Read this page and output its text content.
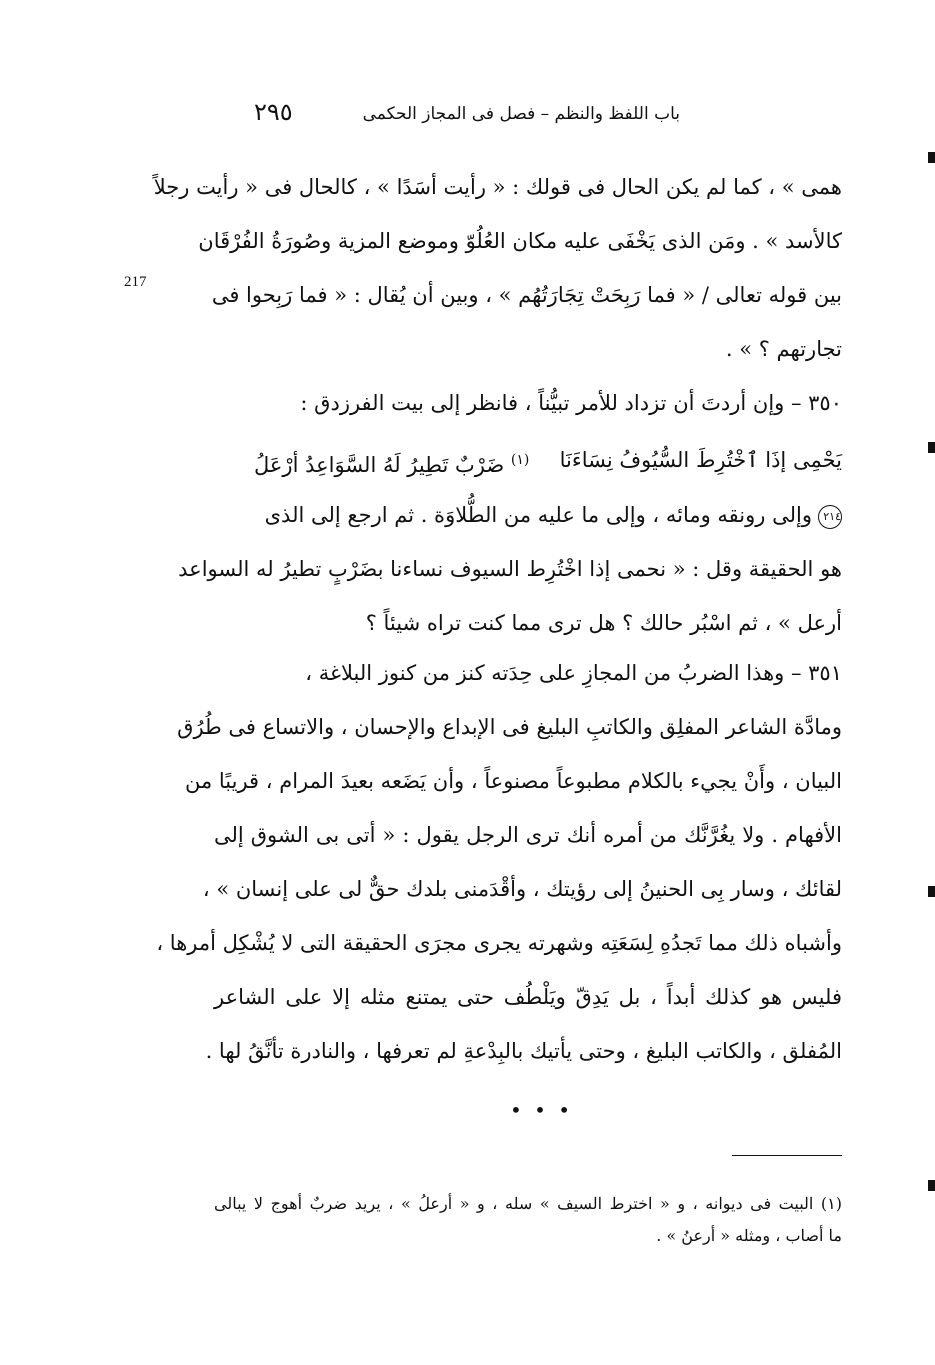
٢٩٥	باب اللفظ والنظم – فصل فى المجاز الحكمى
217
همى » ، كما لم يكن الحال فى قولك : « رأيت أسَدًا » ، كالحال فى « رأيت رجلاً
كالأسد » . ومَن الذى يَخْفَى عليه مكان العُلُوّ وموضع المزية وصُورَةُ الفُرْقَان
بين قوله تعالى / « فما رَبِحَتْ تِجَارَتُهُم » ، وبين أن يُقال : « فما رَبِحوا فى
تجارتهم ؟ » .
٣٥٠ – وإن أردتَ أن تزداد للأمر تبيُّناً ، فانظر إلى بيت الفرزدق :
يَحْمِى إذَا ٱخْتُرِطَ السُّيُوفُ نِسَاءَنَا
$^{(١)}$ ضَرْبٌ تَطِيرُ لَهُ السَّوَاعِدُ أرْعَلُ
٢١٤وإلى رونقه ومائه ، وإلى ما عليه من الطُّلاوَة . ثم ارجع إلى الذى
هو الحقيقة وقل : « نحمى إذا اخْتُرِط السيوف نساءنا بضَرْبٍ تطيرُ له السواعد
أرعل » ، ثم اسْبُر حالك ؟ هل ترى مما كنت تراه شيئاً ؟
٣٥١ – وهذا الضربُ من المجازِ على حِدَته كنز من كنوز البلاغة ،
ومادَّة الشاعر المفلِق والكاتبِ البليغ فى الإبداع والإحسان ، والاتساع فى طُرُق
البيان ، وأَنْ يجيء بالكلام مطبوعاً مصنوعاً ، وأن يَضَعه بعيدَ المرام ، قريبًا من
الأفهام . ولا يغُرَّنَّك من أمره أنك ترى الرجل يقول : « أتى بى الشوق إلى
لقائك ، وسار بِى الحنينُ إلى رؤيتك ، وأقْدَمنى بلدك حقٌّ لى على إنسان » ،
وأشباه ذلك مما تَجدُهِ لِسَعَتِه وشهرته يجرى مجرَى الحقيقة التى لا يُشْكِل أمرها ،
فليس هو كذلك أبداً ، بل يَدِقّ ويَلْطُف حتى يمتنع مثله إلا على الشاعر
المُفلق ، والكاتب البليغ ، وحتى يأتيك بالبِدْعةِ لم تعرفها ، والنادرة تأنَّقُ لها .
• • •
(١) البيت فى ديوانه ، و « اخترط السيف » سله ، و « أرعلُ » ، يريد ضربٌ أهوج لا يبالى
ما أصاب ، ومثله « أرعنُ » .
